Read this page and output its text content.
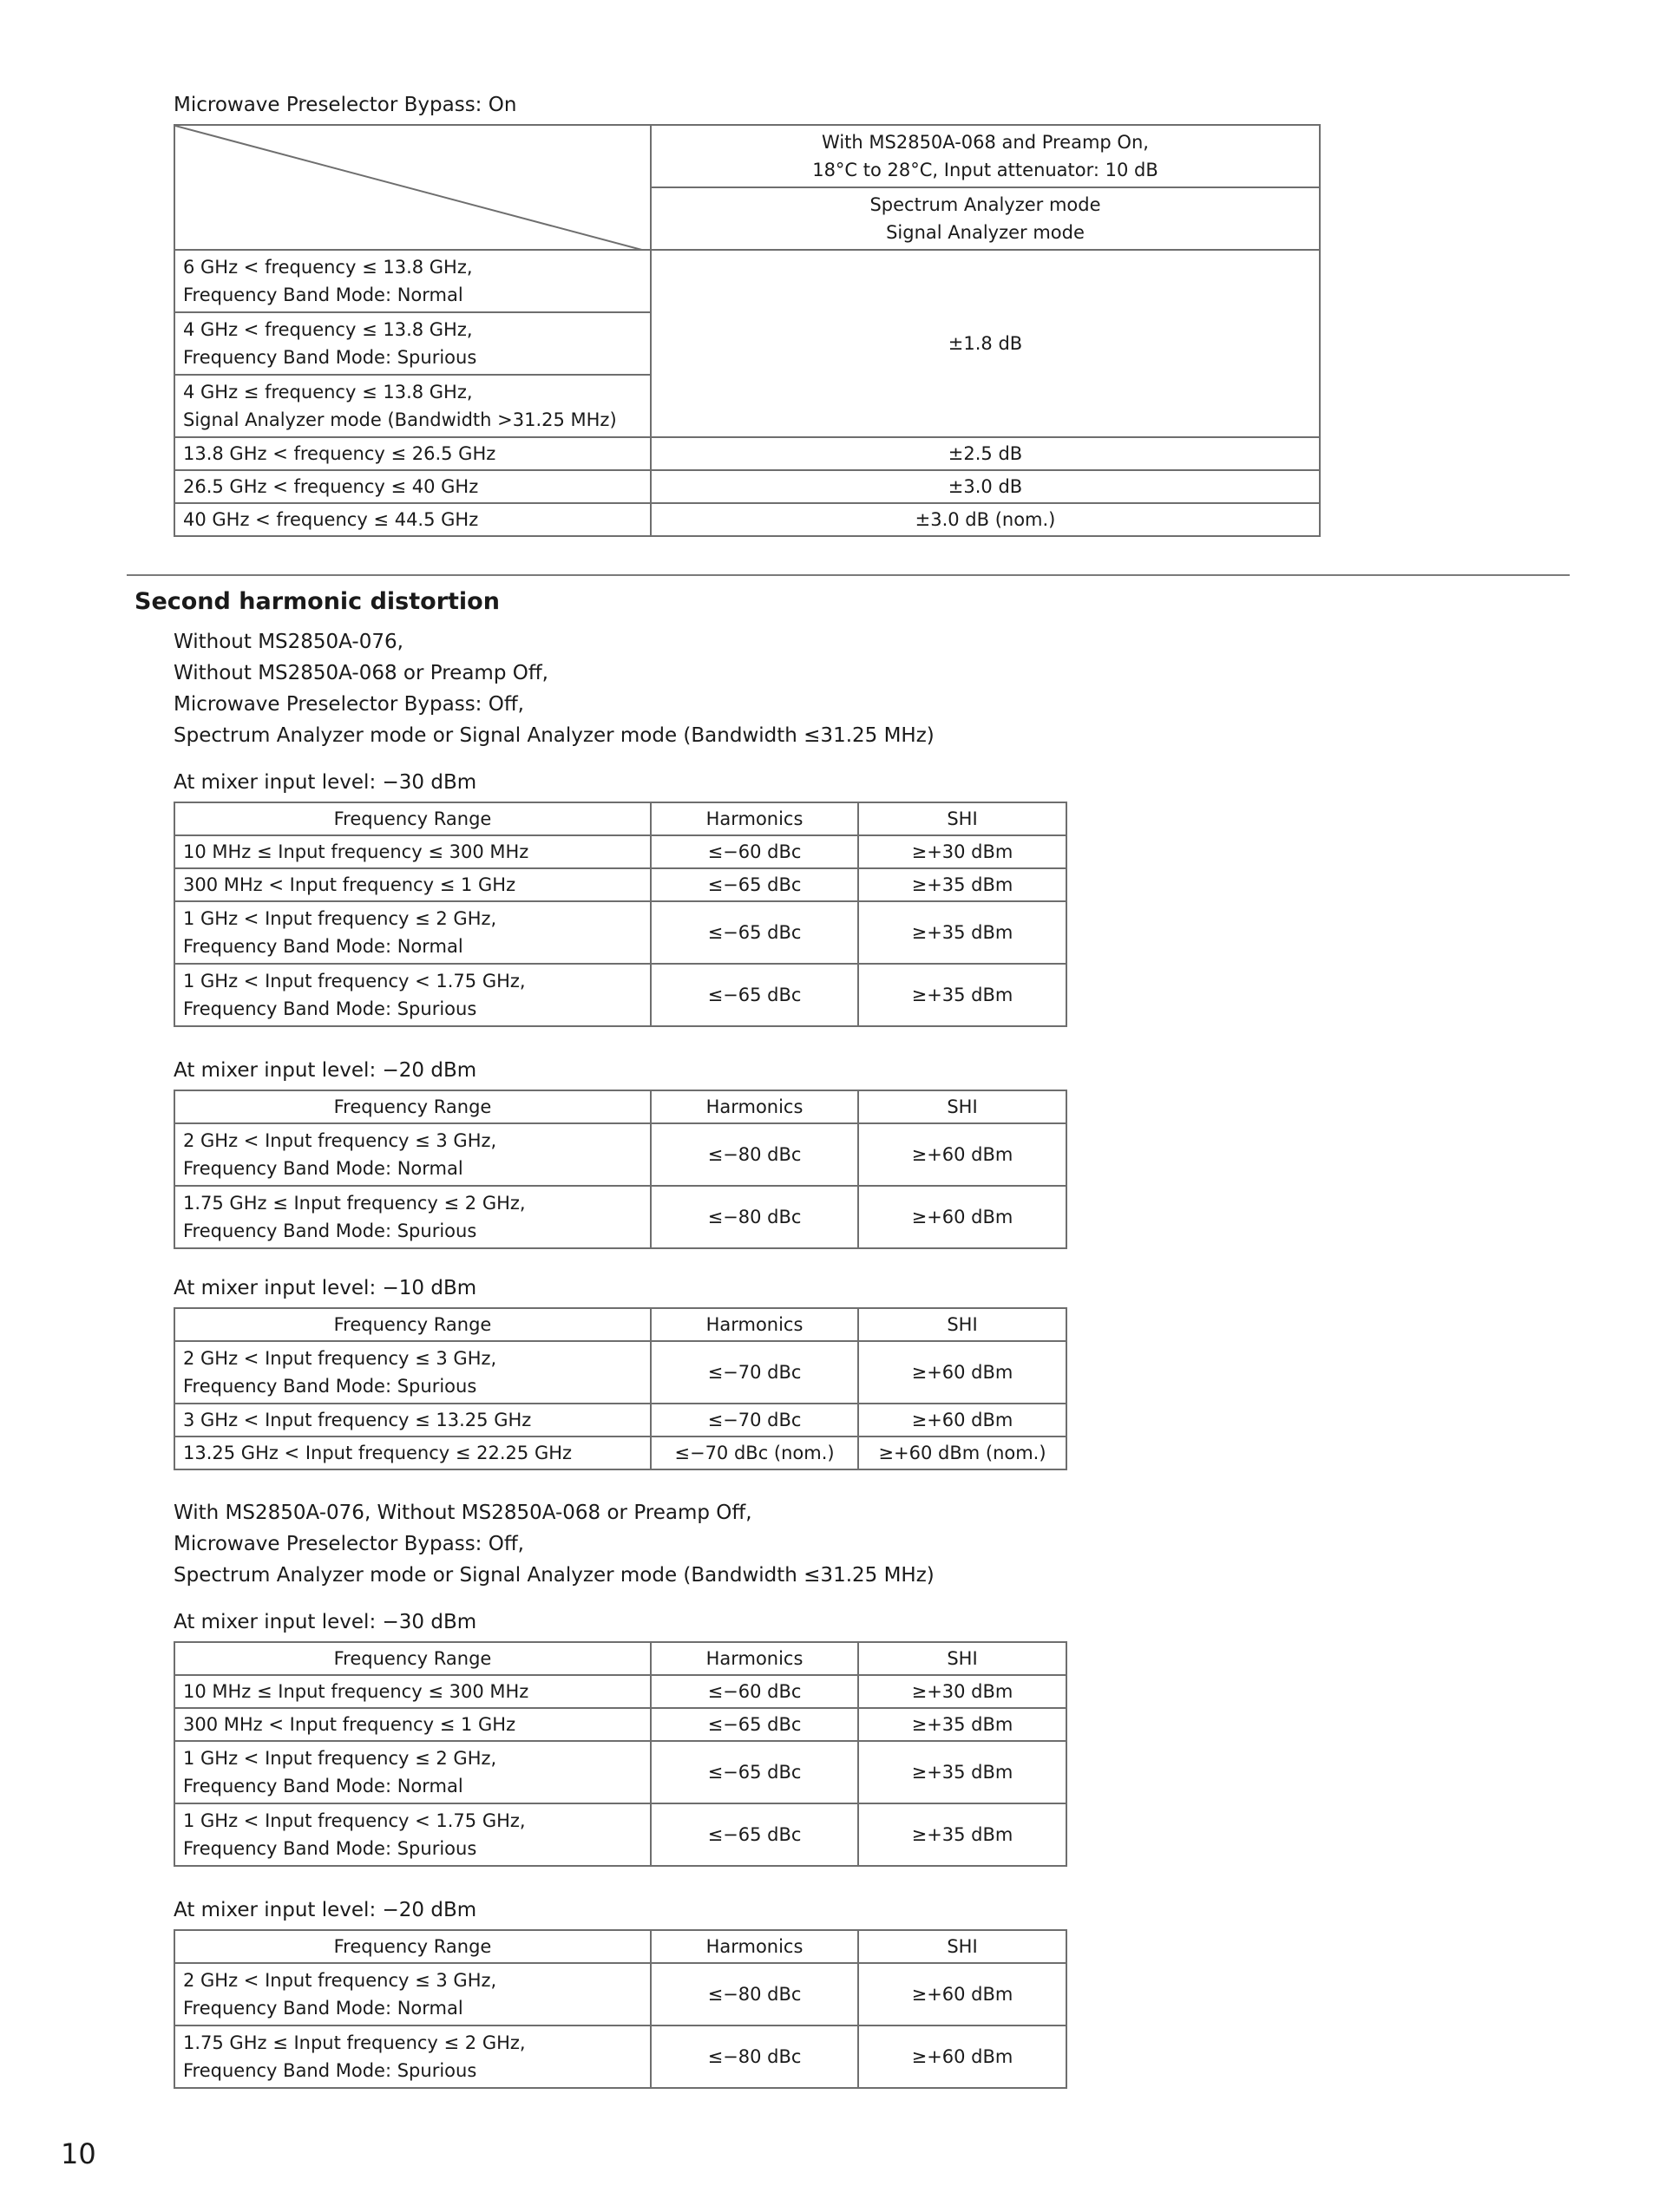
Microwave Preselector Bypass: On

With MS2850A-068 and Preamp On,
18°C to 28°C, Input attenuator: 10 dB

	Spectrum Analyzer mode
Signal Analyzer mode

6 GHz < frequency ≤ 13.8 GHz,
Frequency Band Mode: Normal	±1.8 dB

4 GHz < frequency ≤ 13.8 GHz,
Frequency Band Mode: Spurious	

4 GHz ≤ frequency ≤ 13.8 GHz,
Signal Analyzer mode (Bandwidth >31.25 MHz)	

13.8 GHz < frequency ≤ 26.5 GHz	±2.5 dB
26.5 GHz < frequency ≤ 40 GHz	±3.0 dB
40 GHz < frequency ≤ 44.5 GHz	±3.0 dB (nom.)
Second harmonic distortion
Without MS2850A-076,
Without MS2850A-068 or Preamp Off,
Microwave Preselector Bypass: Off,
Spectrum Analyzer mode or Signal Analyzer mode (Bandwidth ≤31.25 MHz)
At mixer input level: −30 dBm
Frequency Range	Harmonics	SHI
10 MHz ≤ Input frequency ≤ 300 MHz	≤−60 dBc	≥+30 dBm
300 MHz < Input frequency ≤ 1 GHz	≤−65 dBc	≥+35 dBm

1 GHz < Input frequency ≤ 2 GHz,
Frequency Band Mode: Normal	≤−65 dBc	≥+35 dBm

1 GHz < Input frequency < 1.75 GHz,
Frequency Band Mode: Spurious	≤−65 dBc	≥+35 dBm
At mixer input level: −20 dBm
Frequency Range	Harmonics	SHI

2 GHz < Input frequency ≤ 3 GHz,
Frequency Band Mode: Normal	≤−80 dBc	≥+60 dBm

1.75 GHz ≤ Input frequency ≤ 2 GHz,
Frequency Band Mode: Spurious	≤−80 dBc	≥+60 dBm
At mixer input level: −10 dBm
Frequency Range	Harmonics	SHI

2 GHz < Input frequency ≤ 3 GHz,
Frequency Band Mode: Spurious	≤−70 dBc	≥+60 dBm
3 GHz < Input frequency ≤ 13.25 GHz	≤−70 dBc	≥+60 dBm
13.25 GHz < Input frequency ≤ 22.25 GHz	≤−70 dBc (nom.)	≥+60 dBm (nom.)
With MS2850A-076, Without MS2850A-068 or Preamp Off,
Microwave Preselector Bypass: Off,
Spectrum Analyzer mode or Signal Analyzer mode (Bandwidth ≤31.25 MHz)
At mixer input level: −30 dBm
Frequency Range	Harmonics	SHI
10 MHz ≤ Input frequency ≤ 300 MHz	≤−60 dBc	≥+30 dBm
300 MHz < Input frequency ≤ 1 GHz	≤−65 dBc	≥+35 dBm

1 GHz < Input frequency ≤ 2 GHz,
Frequency Band Mode: Normal	≤−65 dBc	≥+35 dBm

1 GHz < Input frequency < 1.75 GHz,
Frequency Band Mode: Spurious	≤−65 dBc	≥+35 dBm
At mixer input level: −20 dBm
Frequency Range	Harmonics	SHI

2 GHz < Input frequency ≤ 3 GHz,
Frequency Band Mode: Normal	≤−80 dBc	≥+60 dBm

1.75 GHz ≤ Input frequency ≤ 2 GHz,
Frequency Band Mode: Spurious	≤−80 dBc	≥+60 dBm
10
